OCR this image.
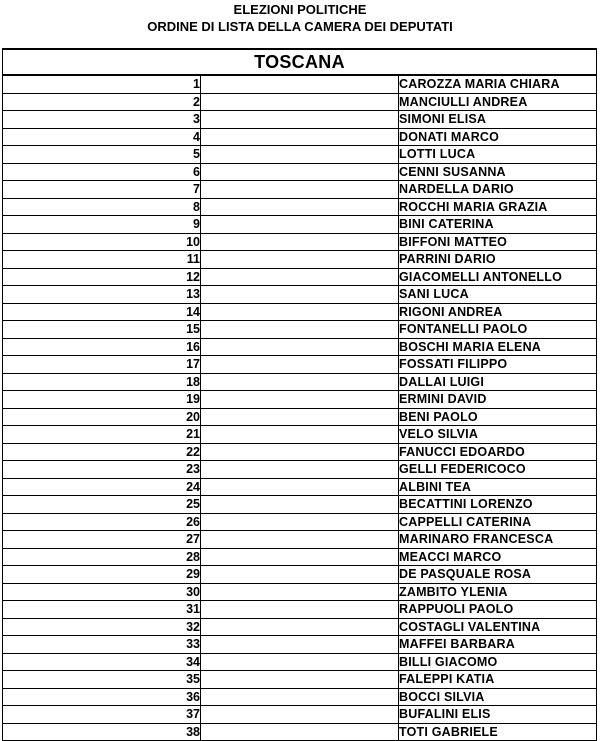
ELEZIONI POLITICHE
ORDINE DI LISTA DELLA CAMERA DEI DEPUTATI
TOSCANA		
1		CAROZZA MARIA CHIARA
2		MANCIULLI ANDREA
3		SIMONI ELISA
4		DONATI MARCO
5		LOTTI LUCA
6		CENNI SUSANNA
7		NARDELLA DARIO
8		ROCCHI MARIA GRAZIA
9		BINI CATERINA
10		BIFFONI MATTEO
11		PARRINI DARIO
12		GIACOMELLI ANTONELLO
13		SANI LUCA
14		RIGONI ANDREA
15		FONTANELLI PAOLO
16		BOSCHI MARIA ELENA
17		FOSSATI FILIPPO
18		DALLAI LUIGI
19		ERMINI DAVID
20		BENI PAOLO
21		VELO SILVIA
22		FANUCCI EDOARDO
23		GELLI FEDERICOCO
24		ALBINI TEA
25		BECATTINI LORENZO
26		CAPPELLI CATERINA
27		MARINARO FRANCESCA
28		MEACCI MARCO
29		DE PASQUALE ROSA
30		ZAMBITO YLENIA
31		RAPPUOLI PAOLO
32		COSTAGLI VALENTINA
33		MAFFEI BARBARA
34		BILLI GIACOMO
35		FALEPPI KATIA
36		BOCCI SILVIA
37		BUFALINI ELIS
38		TOTI GABRIELE
